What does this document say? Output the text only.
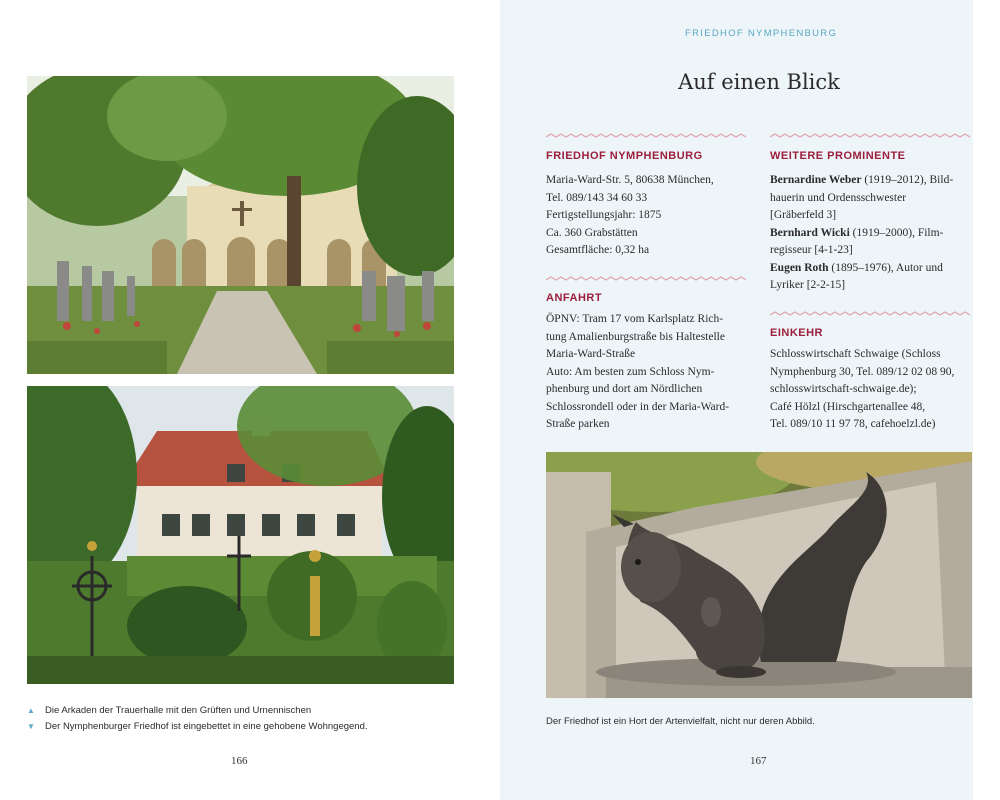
▲ Die Arkaden der Trauerhalle mit den Grüften und Urnennischen
▼ Der Nymphenburger Friedhof ist eingebettet in eine gehobene Wohngegend.
166
FRIEDHOF NYMPHENBURG
Auf einen Blick
FRIEDHOF NYMPHENBURG
Maria-Ward-Str. 5, 80638 München,
Tel. 089/143 34 60 33
Fertigstellungsjahr: 1875
Ca. 360 Grabstätten
Gesamtfläche: 0,32 ha
ANFAHRT
ÖPNV: Tram 17 vom Karlsplatz Rich-
tung Amalienburgstraße bis Haltestelle
Maria-Ward-Straße
Auto: Am besten zum Schloss Nym-
phenburg und dort am Nördlichen
Schlossrondell oder in der Maria-Ward-
Straße parken
WEITERE PROMINENTE
Bernardine Weber (1919–2012), Bild-
hauerin und Ordensschwester
[Gräberfeld 3]
Bernhard Wicki (1919–2000), Film-
regisseur [4-1-23]
Eugen Roth (1895–1976), Autor und
Lyriker [2-2-15]
EINKEHR
Schlosswirtschaft Schwaige (Schloss
Nymphenburg 30, Tel. 089/12 02 08 90,
schlosswirtschaft-schwaige.de);
Café Hölzl (Hirschgartenallee 48,
Tel. 089/10 11 97 78, cafehoelzl.de)
Der Friedhof ist ein Hort der Artenvielfalt, nicht nur deren Abbild.
167
